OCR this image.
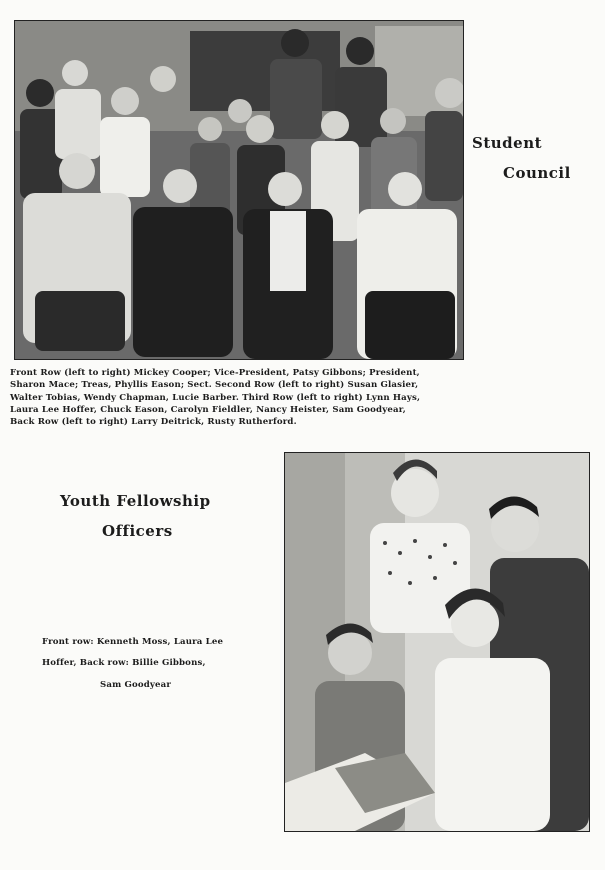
Student
Council
Front Row (left to right) Mickey Cooper; Vice-President, Patsy Gibbons; President,
Sharon Mace; Treas, Phyllis Eason; Sect. Second Row (left to right) Susan Glasier,
Walter Tobias, Wendy Chapman, Lucie Barber. Third Row (left to right) Lynn Hays,
Laura Lee Hoffer, Chuck Eason, Carolyn Fieldler, Nancy Heister, Sam Goodyear,
Back Row (left to right) Larry Deitrick, Rusty Rutherford.
Youth Fellowship
Officers
Front row: Kenneth Moss, Laura Lee
Hoffer, Back row: Billie Gibbons,
Sam Goodyear
